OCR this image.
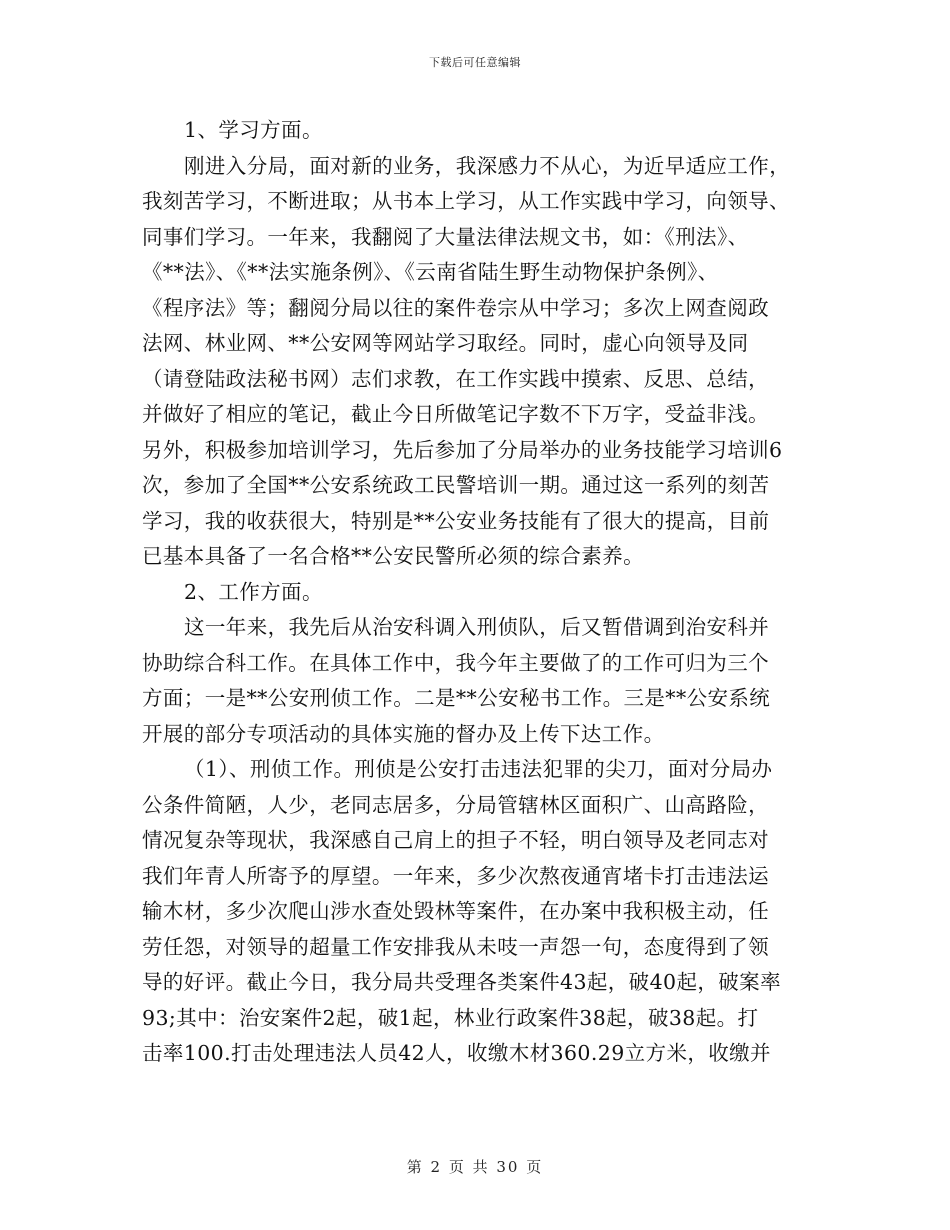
下载后可任意编辑
1、学习方面。
刚进入分局，面对新的业务，我深感力不从心，为近早适应工作，
我刻苦学习，不断进取；从书本上学习，从工作实践中学习，向领导、
同事们学习。一年来，我翻阅了大量法律法规文书，如：《刑法》、
《**法》、《**法实施条例》、《云南省陆生野生动物保护条例》、
《程序法》等；翻阅分局以往的案件卷宗从中学习；多次上网查阅政
法网、林业网、**公安网等网站学习取经。同时，虚心向领导及同
（请登陆政法秘书网）志们求教，在工作实践中摸索、反思、总结，
并做好了相应的笔记，截止今日所做笔记字数不下万字，受益非浅。
另外，积极参加培训学习，先后参加了分局举办的业务技能学习培训6
次，参加了全国**公安系统政工民警培训一期。通过这一系列的刻苦
学习，我的收获很大，特别是**公安业务技能有了很大的提高，目前
已基本具备了一名合格**公安民警所必须的综合素养。
2、工作方面。
这一年来，我先后从治安科调入刑侦队，后又暂借调到治安科并
协助综合科工作。在具体工作中，我今年主要做了的工作可归为三个
方面；一是**公安刑侦工作。二是**公安秘书工作。三是**公安系统
开展的部分专项活动的具体实施的督办及上传下达工作。
（1）、刑侦工作。刑侦是公安打击违法犯罪的尖刀，面对分局办
公条件简陋，人少，老同志居多，分局管辖林区面积广、山高路险，
情况复杂等现状，我深感自己肩上的担子不轻，明白领导及老同志对
我们年青人所寄予的厚望。一年来，多少次熬夜通宵堵卡打击违法运
输木材，多少次爬山涉水查处毁林等案件，在办案中我积极主动，任
劳任怨，对领导的超量工作安排我从未吱一声怨一句，态度得到了领
导的好评。截止今日，我分局共受理各类案件43起，破40起，破案率
93;其中：治安案件2起，破1起，林业行政案件38起，破38起。打
击率100.打击处理违法人员42人，收缴木材360.29立方米，收缴并
第 2 页 共 30 页
